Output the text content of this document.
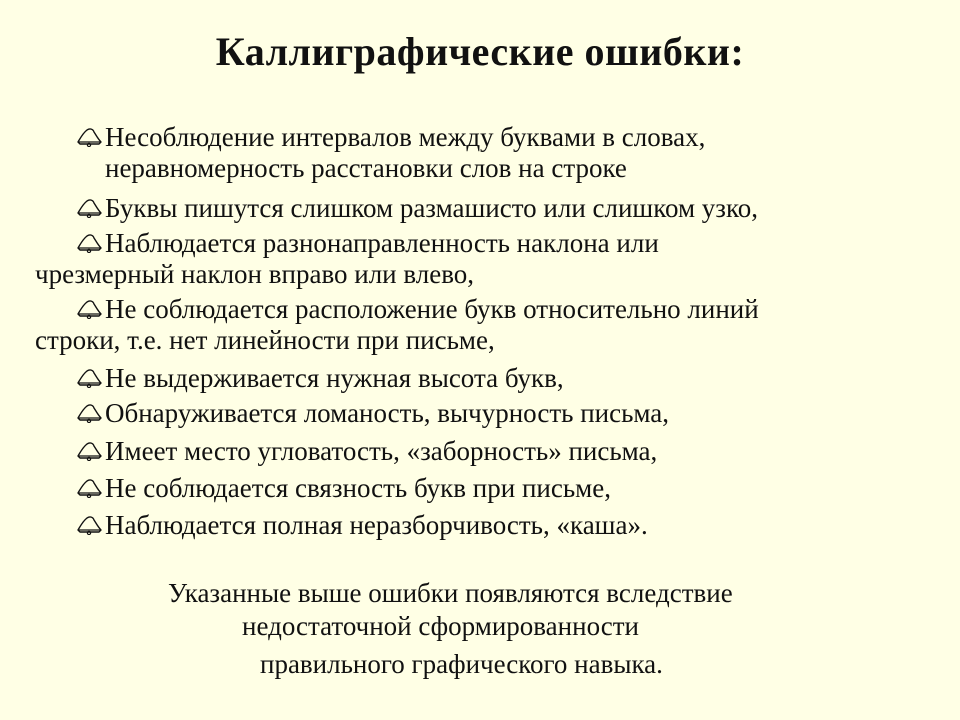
Каллиграфические ошибки:
Несоблюдение интервалов между буквами в словах,
неравномерность расстановки слов на строке
Буквы пишутся слишком размашисто или слишком узко,
Наблюдается разнонаправленность наклона или
чрезмерный наклон вправо или влево,
Не соблюдается расположение букв относительно линий
строки, т.е. нет линейности при письме,
Не выдерживается нужная высота букв,
Обнаруживается ломаность, вычурность письма,
Имеет место угловатость, «заборность» письма,
Не соблюдается связность букв при письме,
Наблюдается полная неразборчивость, «каша».
Указанные выше ошибки появляются вследствие
недостаточной сформированности
правильного графического навыка.
